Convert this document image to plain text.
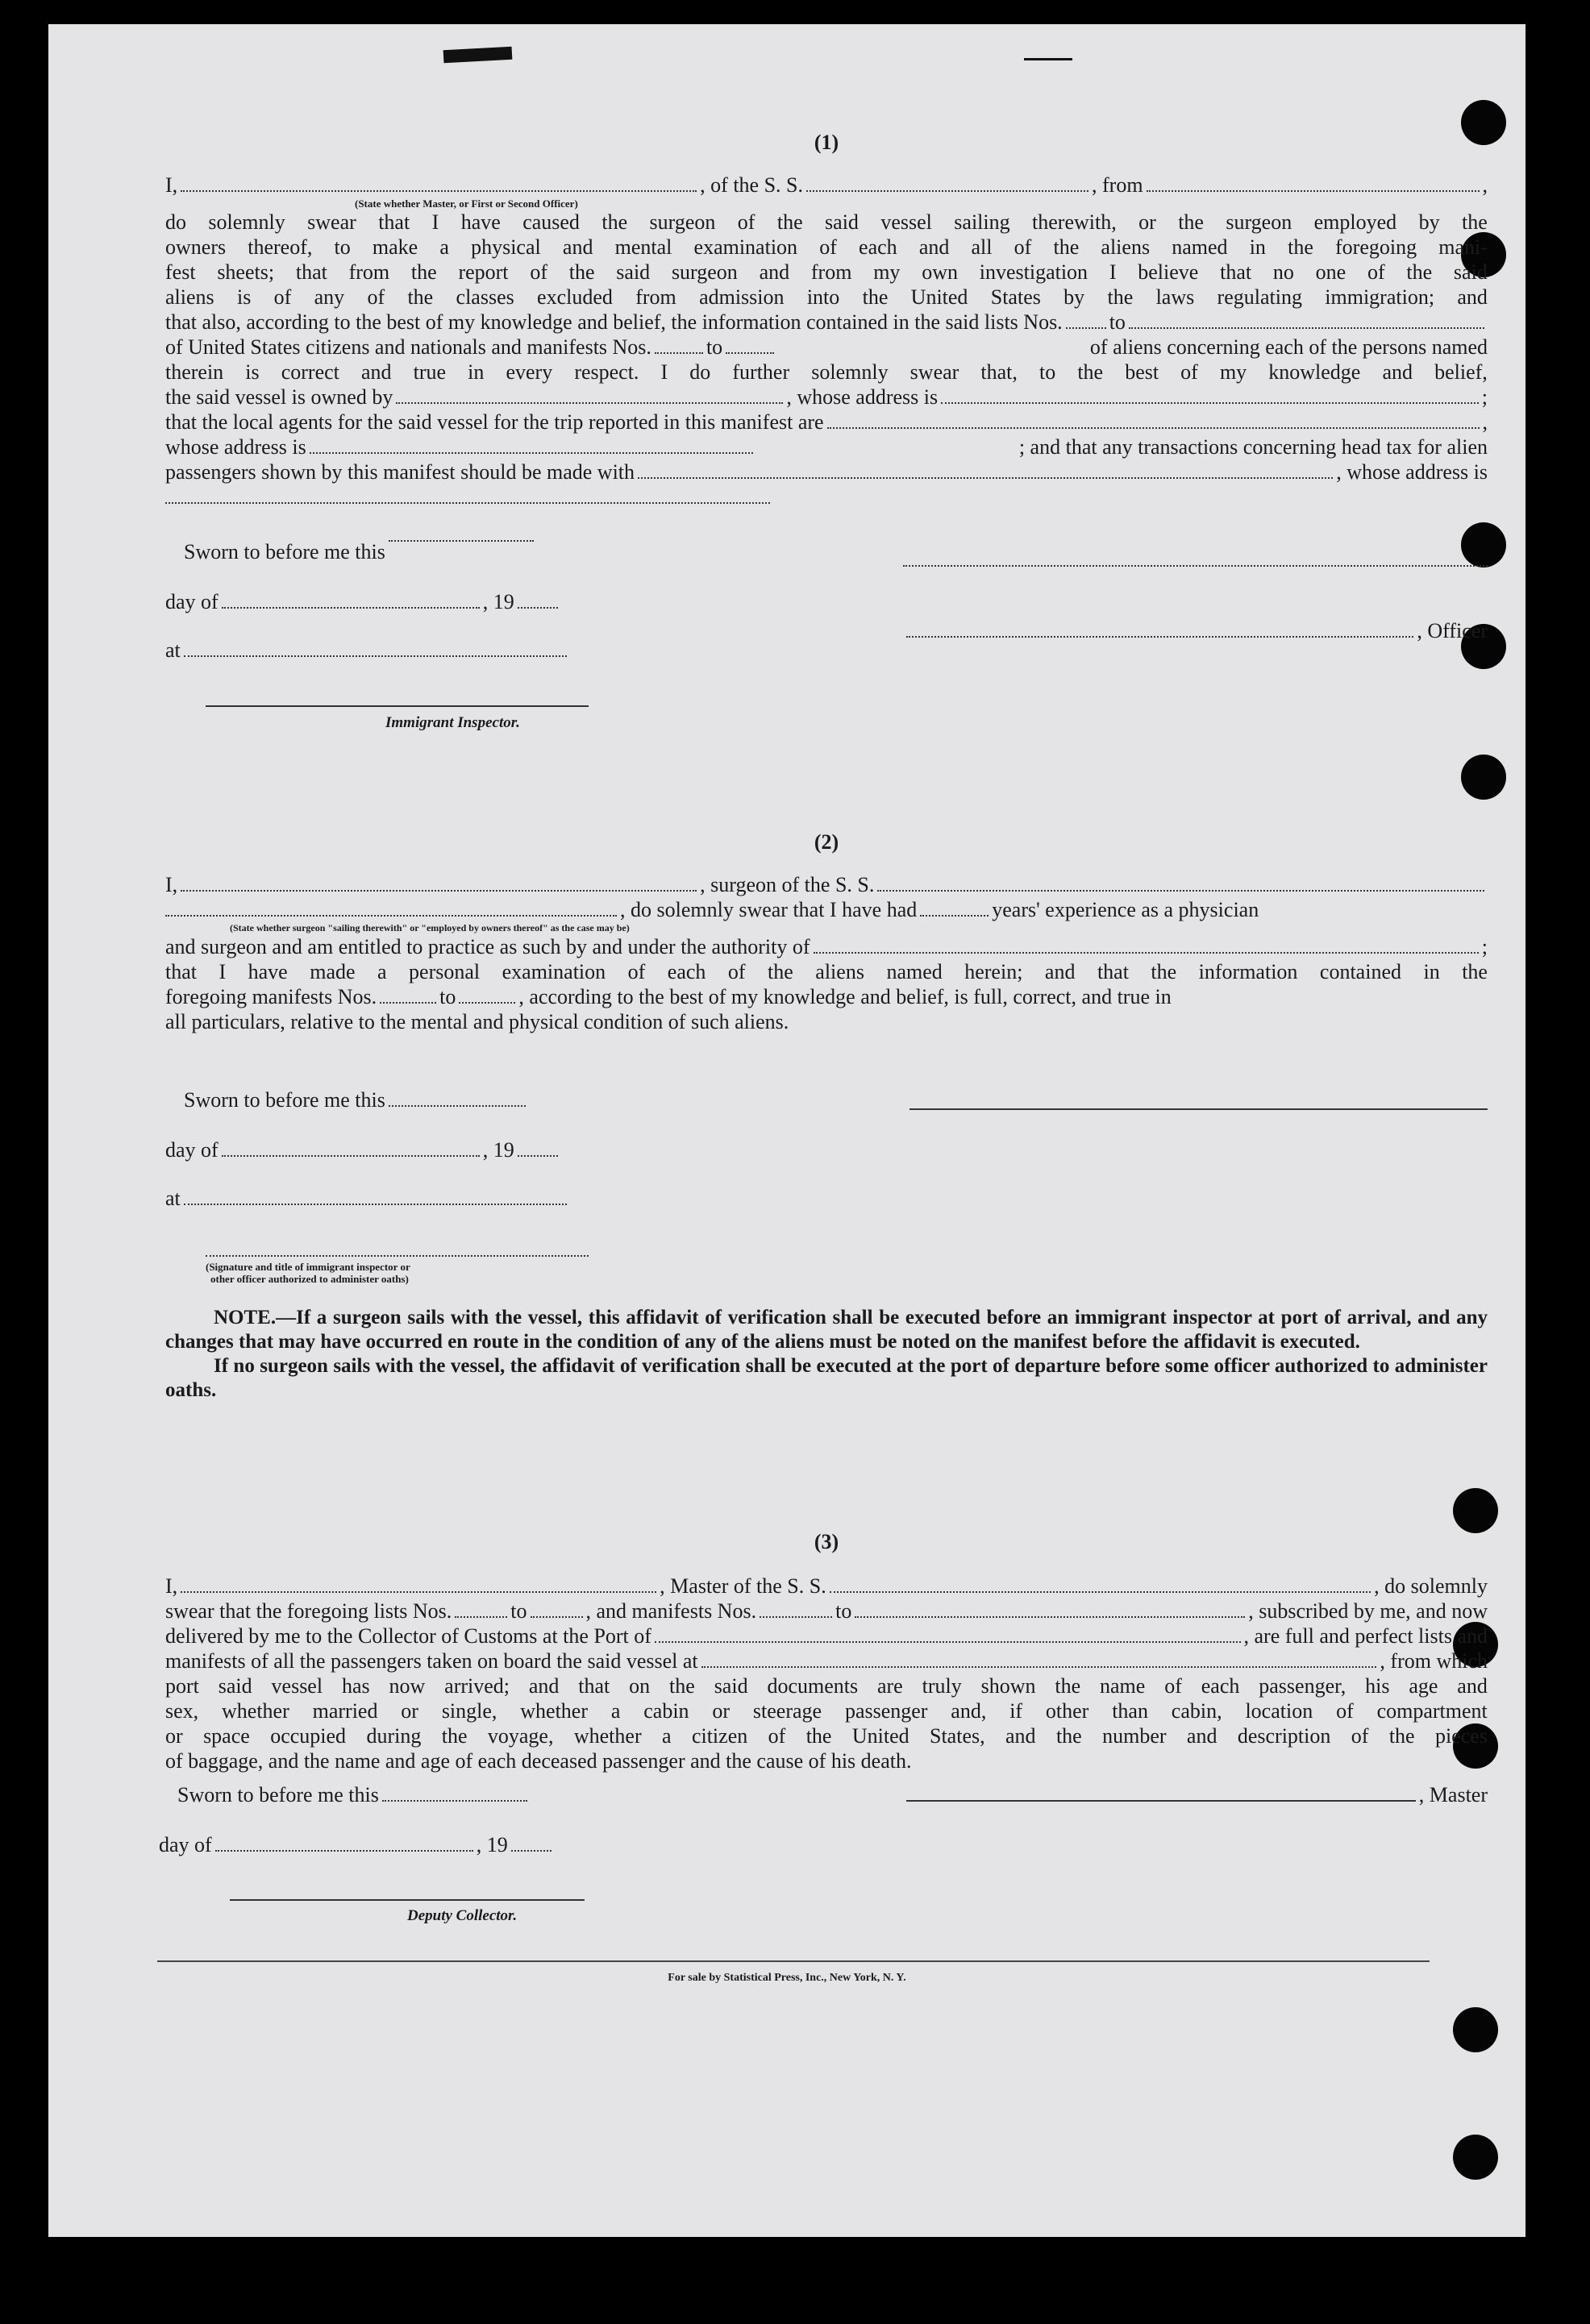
(1)
I,	, of the S. S.	, from	,
(State whether Master, or First or Second Officer)
do solemnly swear that I have caused the surgeon of the said vessel sailing therewith, or the surgeon employed by the
owners thereof, to make a physical and mental examination of each and all of the aliens named in the foregoing mani-
fest sheets; that from the report of the said surgeon and from my own investigation I believe that no one of the said
aliens is of any of the classes excluded from admission into the United States by the laws regulating immigration; and
that also, according to the best of my knowledge and belief, the information contained in the said lists Nos. to
of United States citizens and nationals and manifests Nos.	to	of aliens concerning each of the persons named
therein is correct and true in every respect. I do further solemnly swear that, to the best of my knowledge and belief,
the said vessel is owned by	, whose address is	;
that the local agents for the said vessel for the trip reported in this manifest are	,
whose address is	; and that any transactions concerning head tax for alien
passengers shown by this manifest should be made with	, whose address is
Sworn to before me this
day of	, 19
at
Immigrant Inspector.
, Officer
(2)
I,	, surgeon of the S. S.
, do solemnly swear that I have had	years' experience as a physician
(State whether surgeon "sailing therewith" or "employed by owners thereof" as the case may be)
and surgeon and am entitled to practice as such by and under the authority of	;
that I have made a personal examination of each of the aliens named herein; and that the information contained in the
foregoing manifests Nos.	to	, according to the best of my knowledge and belief, is full, correct, and true in
all particulars, relative to the mental and physical condition of such aliens.
Sworn to before me this
day of	, 19
at
(Signature and title of immigrant inspector or
other officer authorized to administer oaths)

NOTE.—If a surgeon sails with the vessel, this affidavit of verification shall be executed before an immigrant inspector at port of arrival, and any changes that may have occurred en route in the condition of any of the aliens must be noted on the manifest before the affidavit is executed.

If no surgeon sails with the vessel, the affidavit of verification shall be executed at the port of departure before some officer authorized to administer oaths.

(3)
I,	, Master of the S. S.	, do solemnly
swear that the foregoing lists Nos.	to	, and manifests Nos.	to	, subscribed by me, and now
delivered by me to the Collector of Customs at the Port of	, are full and perfect lists and
manifests of all the passengers taken on board the said vessel at	, from which
port said vessel has now arrived; and that on the said documents are truly shown the name of each passenger, his age and
sex, whether married or single, whether a cabin or steerage passenger and, if other than cabin, location of compartment
or space occupied during the voyage, whether a citizen of the United States, and the number and description of the pieces
of baggage, and the name and age of each deceased passenger and the cause of his death.
Sworn to before me this
day of	, 19
Deputy Collector.
, Master
For sale by Statistical Press, Inc., New York, N. Y.
